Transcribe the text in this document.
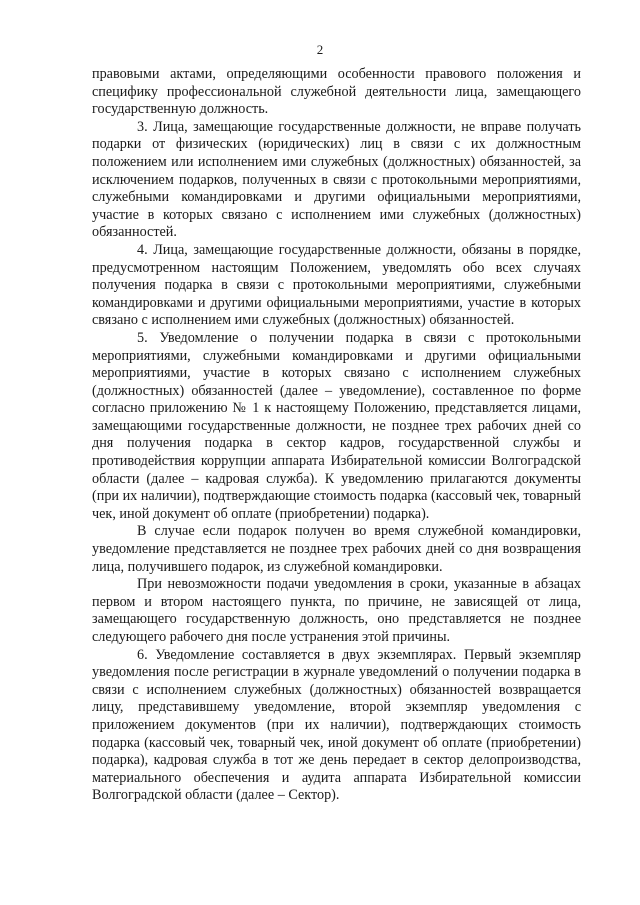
2

правовыми актами, определяющими особенности правового положения и специфику профессиональной служебной деятельности лица, замещающего государственную должность.

3. Лица, замещающие государственные должности, не вправе получать подарки от физических (юридических) лиц в связи с их должностным положением или исполнением ими служебных (должностных) обязанностей, за исключением подарков, полученных в связи с протокольными мероприятиями, служебными командировками и другими официальными мероприятиями, участие в которых связано с исполнением ими служебных (должностных) обязанностей.

4. Лица, замещающие государственные должности, обязаны в порядке, предусмотренном настоящим Положением, уведомлять обо всех случаях получения подарка в связи с протокольными мероприятиями, служебными командировками и другими официальными мероприятиями, участие в которых связано с исполнением ими служебных (должностных) обязанностей.

5. Уведомление о получении подарка в связи с протокольными мероприятиями, служебными командировками и другими официальными мероприятиями, участие в которых связано с исполнением служебных (должностных) обязанностей (далее – уведомление), составленное по форме согласно приложению № 1 к настоящему Положению, представляется лицами, замещающими государственные должности, не позднее трех рабочих дней со дня получения подарка в сектор кадров, государственной службы и противодействия коррупции аппарата Избирательной комиссии Волгоградской области (далее – кадровая служба). К уведомлению прилагаются документы (при их наличии), подтверждающие стоимость подарка (кассовый чек, товарный чек, иной документ об оплате (приобретении) подарка).

В случае если подарок получен во время служебной командировки, уведомление представляется не позднее трех рабочих дней со дня возвращения лица, получившего подарок, из служебной командировки.

При невозможности подачи уведомления в сроки, указанные в абзацах первом и втором настоящего пункта, по причине, не зависящей от лица, замещающего государственную должность, оно представляется не позднее следующего рабочего дня после устранения этой причины.

6. Уведомление составляется в двух экземплярах. Первый экземпляр уведомления после регистрации в журнале уведомлений о получении подарка в связи с исполнением служебных (должностных) обязанностей возвращается лицу, представившему уведомление, второй экземпляр уведомления с приложением документов (при их наличии), подтверждающих стоимость подарка (кассовый чек, товарный чек, иной документ об оплате (приобретении) подарка), кадровая служба в тот же день передает в сектор делопроизводства, материального обеспечения и аудита аппарата Избирательной комиссии Волгоградской области (далее – Сектор).
